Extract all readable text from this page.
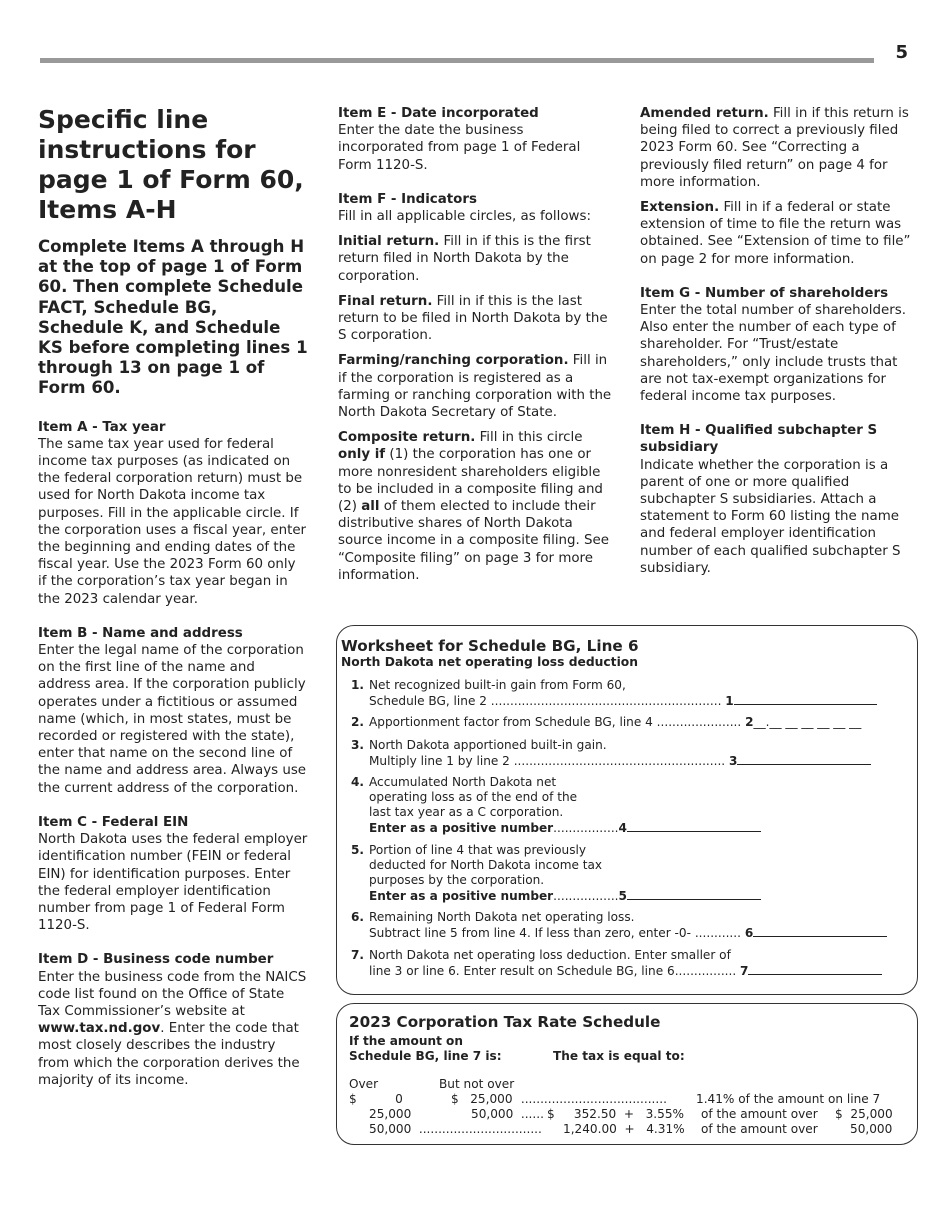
5
Specific line instructions for page 1 of Form 60, Items A-H

Complete Items A through H at the top of page 1 of Form 60. Then complete Schedule FACT, Schedule BG, Schedule K, and Schedule KS before completing lines 1 through 13 on page 1 of Form 60.

Item A - Tax year

The same tax year used for federal income tax purposes (as indicated on the federal corporation return) must be used for North Dakota income tax purposes. Fill in the applicable circle. If the corporation uses a fiscal year, enter the beginning and ending dates of the fiscal year. Use the 2023 Form 60 only if the corporation’s tax year began in the 2023 calendar year.

Item B - Name and address

Enter the legal name of the corporation on the first line of the name and address area. If the corporation publicly operates under a fictitious or assumed name (which, in most states, must be recorded or registered with the state), enter that name on the second line of the name and address area. Always use the current address of the corporation.

Item C - Federal EIN

North Dakota uses the federal employer identification number (FEIN or federal EIN) for identification purposes. Enter the federal employer identification number from page 1 of Federal Form 1120-S.

Item D - Business code number

Enter the business code from the NAICS code list found on the Office of State Tax Commissioner’s website at www.tax.nd.gov. Enter the code that most closely describes the industry from which the corporation derives the majority of its income.

Item E - Date incorporated

Enter the date the business incorporated from page 1 of Federal Form 1120-S.

Item F - Indicators

Fill in all applicable circles, as follows:

Initial return. Fill in if this is the first return filed in North Dakota by the corporation.

Final return. Fill in if this is the last return to be filed in North Dakota by the S corporation.

Farming/ranching corporation. Fill in if the corporation is registered as a farming or ranching corporation with the North Dakota Secretary of State.

Composite return. Fill in this circle only if (1) the corporation has one or more nonresident shareholders eligible to be included in a composite filing and (2) all of them elected to include their distributive shares of North Dakota source income in a composite filing. See “Composite filing” on page 3 for more information.

Amended return. Fill in if this return is being filed to correct a previously filed 2023 Form 60. See “Correcting a previously filed return” on page 4 for more information.

Extension. Fill in if a federal or state extension of time to file the return was obtained. See “Extension of time to file” on page 2 for more information.

Item G - Number of shareholders

Enter the total number of shareholders. Also enter the number of each type of shareholder. For “Trust/estate shareholders,” only include trusts that are not tax-exempt organizations for federal income tax purposes.

Item H - Qualified subchapter S subsidiary

Indicate whether the corporation is a parent of one or more qualified subchapter S subsidiaries. Attach a statement to Form 60 listing the name and federal employer identification number of each qualified subchapter S subsidiary.

Worksheet for Schedule BG, Line 6
North Dakota net operating loss deduction
1. Net recognized built-in gain from Form 60,
Schedule BG, line 2 ............................................................ 1
2. Apportionment factor from Schedule BG, line 4 ...................... 2__.__ __ __ __ __ __
3. North Dakota apportioned built-in gain.
Multiply line 1 by line 2 ....................................................... 3
4. Accumulated North Dakota net
operating loss as of the end of the
last tax year as a C corporation.
Enter as a positive number.................4
5. Portion of line 4 that was previously
deducted for North Dakota income tax
purposes by the corporation.
Enter as a positive number.................5
6. Remaining North Dakota net operating loss.
Subtract line 5 from line 4. If less than zero, enter -0- ............ 6
7. North Dakota net operating loss deduction. Enter smaller of
line 3 or line 6. Enter result on Schedule BG, line 6................ 7
2023 Corporation Tax Rate Schedule
If the amount on
Schedule BG, line 7 is:	The tax is equal to:
Over	But not over
$          0	$   25,000 ...................................... 1.41% of the amount on line 7
25,000	50,000 ...... $     352.50  +   3.55% of the amount over $  25,000
50,000 ................................ 1,240.00  +   4.31% of the amount over	50,000
